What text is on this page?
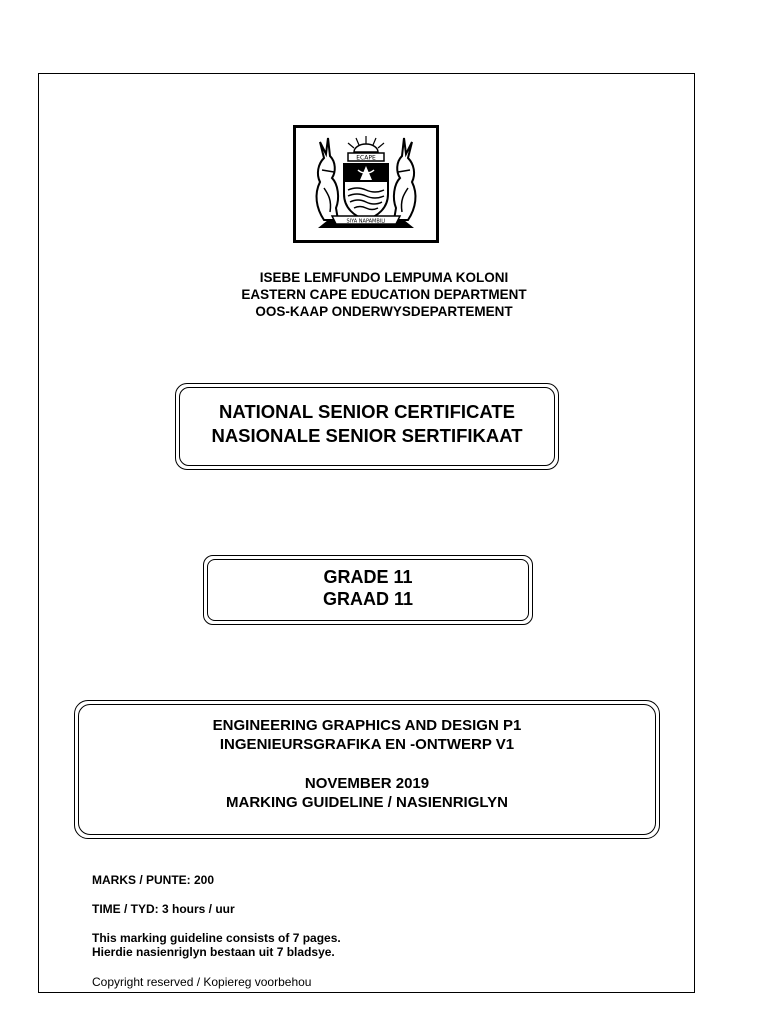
ECAPE
SIYA NAPAMBILI
ISEBE LEMFUNDO LEMPUMA KOLONI
EASTERN CAPE EDUCATION DEPARTMENT
OOS-KAAP ONDERWYSDEPARTEMENT
NATIONAL SENIOR CERTIFICATE
NASIONALE SENIOR SERTIFIKAAT
GRADE 11
GRAAD 11
ENGINEERING GRAPHICS AND DESIGN P1
INGENIEURSGRAFIKA EN -ONTWERP V1
NOVEMBER 2019
MARKING GUIDELINE / NASIENRIGLYN
MARKS / PUNTE: 200
TIME / TYD: 3 hours / uur
This marking guideline consists of 7 pages.
Hierdie nasienriglyn bestaan uit 7 bladsye.
Copyright reserved / Kopiereg voorbehou
